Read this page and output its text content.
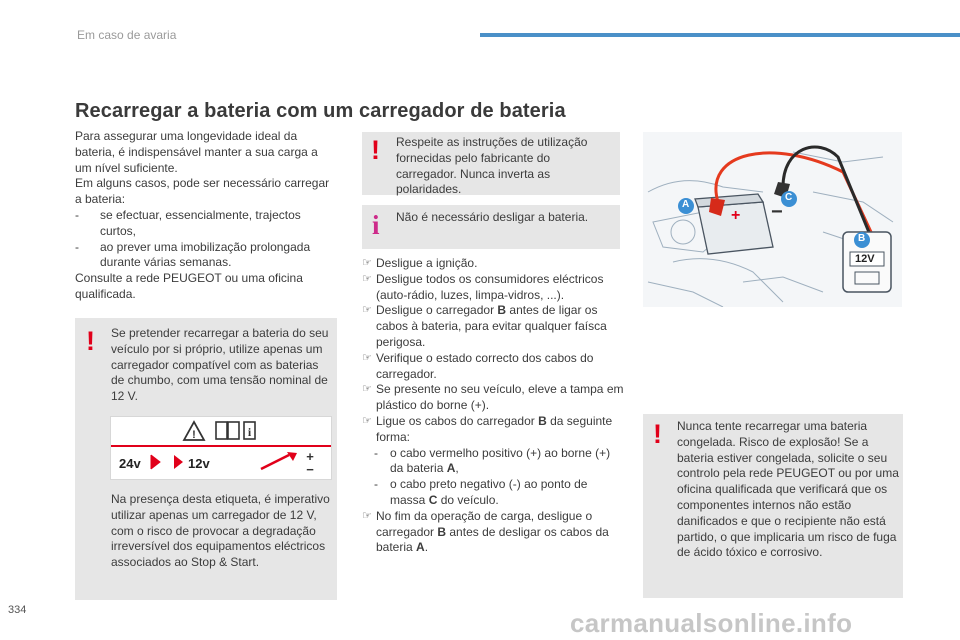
Em caso de avaria
Recarregar a bateria com um carregador de bateria
Para assegurar uma longevidade ideal da bateria, é indispensável manter a sua carga a um nível suficiente.
Em alguns casos, pode ser necessário carregar a bateria:
- se efectuar, essencialmente, trajectos curtos,
- ao prever uma imobilização prolongada durante várias semanas.
Consulte a rede PEUGEOT ou uma oficina qualificada.
! Se pretender recarregar a bateria do seu veículo por si próprio, utilize apenas um carregador compatível com as baterias de chumbo, com uma tensão nominal de 12 V.
!	i
+
−
24v	12v
Na presença desta etiqueta, é imperativo utilizar apenas um carregador de 12 V, com o risco de provocar a degradação irreversível dos equipamentos eléctricos associados ao Stop & Start.
! Respeite as instruções de utilização fornecidas pelo fabricante do carregador. Nunca inverta as polaridades.
i Não é necessário desligar a bateria.
☞ Desligue a ignição.
☞ Desligue todos os consumidores eléctricos (auto-rádio, luzes, limpa-vidros, ...).
☞ Desligue o carregador B antes de ligar os cabos à bateria, para evitar qualquer faísca perigosa.
☞ Verifique o estado correcto dos cabos do carregador.
☞ Se presente no seu veículo, eleve a tampa em plástico do borne (+).
☞ Ligue os cabos do carregador B da seguinte forma:
- o cabo vermelho positivo (+) ao borne (+) da bateria A,
- o cabo preto negativo (-) ao ponto de massa C do veículo.
☞ No fim da operação de carga, desligue o carregador B antes de desligar os cabos da bateria A.
+ −
A
C
B
12V
! Nunca tente recarregar uma bateria congelada. Risco de explosão! Se a bateria estiver congelada, solicite o seu controlo pela rede PEUGEOT ou por uma oficina qualificada que verificará que os componentes internos não estão danificados e que o recipiente não está partido, o que implicaria um risco de fuga de ácido tóxico e corrosivo.
334	carmanualsonline.info
